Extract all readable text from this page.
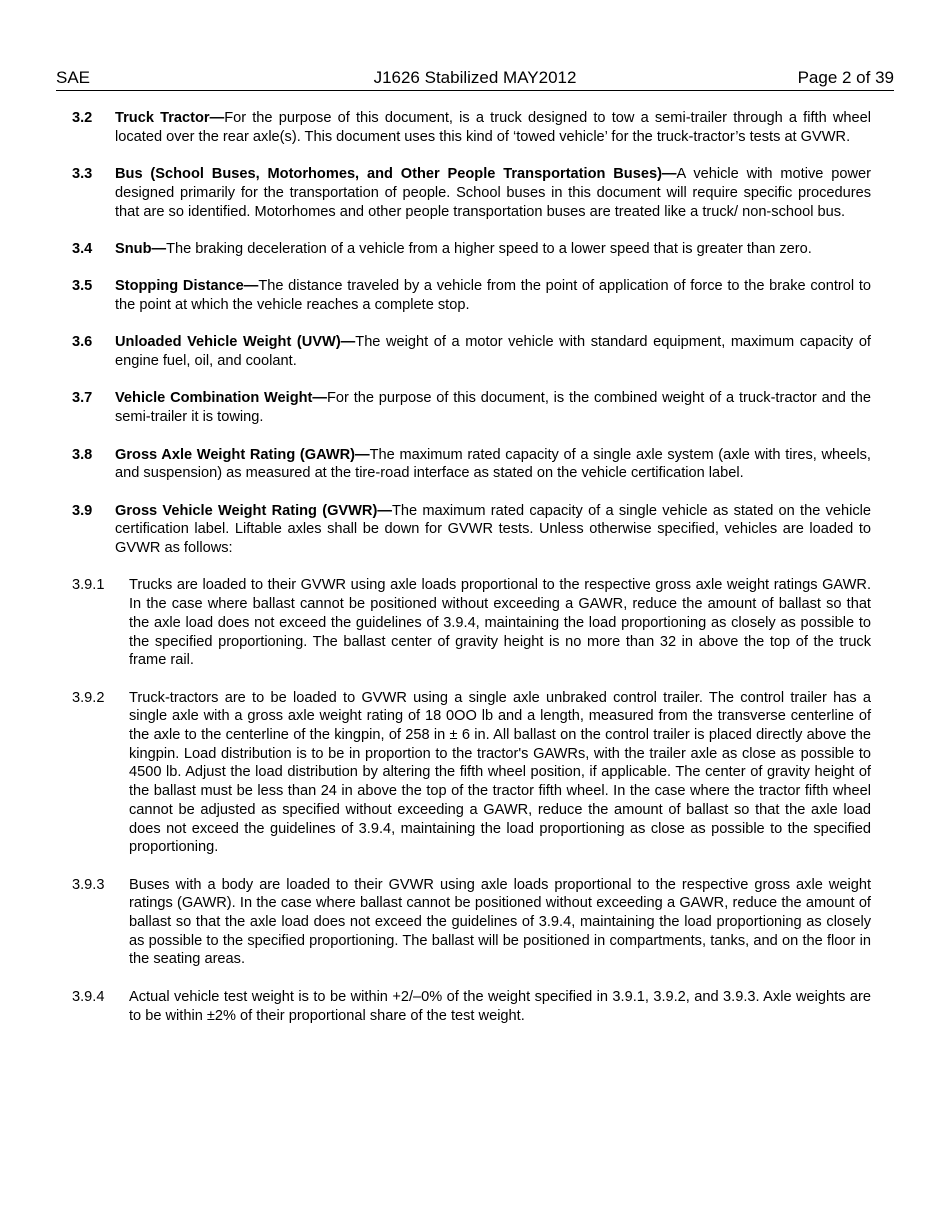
SAE	J1626 Stabilized MAY2012	Page 2 of 39
3.2 Truck Tractor—For the purpose of this document, is a truck designed to tow a semi-trailer through a fifth wheel located over the rear axle(s). This document uses this kind of ‘towed vehicle’ for the truck-tractor’s tests at GVWR.
3.3 Bus (School Buses, Motorhomes, and Other People Transportation Buses)—A vehicle with motive power designed primarily for the transportation of people. School buses in this document will require specific procedures that are so identified. Motorhomes and other people transportation buses are treated like a truck/ non-school bus.
3.4 Snub—The braking deceleration of a vehicle from a higher speed to a lower speed that is greater than zero.
3.5 Stopping Distance—The distance traveled by a vehicle from the point of application of force to the brake control to the point at which the vehicle reaches a complete stop.
3.6 Unloaded Vehicle Weight (UVW)—The weight of a motor vehicle with standard equipment, maximum capacity of engine fuel, oil, and coolant.
3.7 Vehicle Combination Weight—For the purpose of this document, is the combined weight of a truck-tractor and the semi-trailer it is towing.
3.8 Gross Axle Weight Rating (GAWR)—The maximum rated capacity of a single axle system (axle with tires, wheels, and suspension) as measured at the tire-road interface as stated on the vehicle certification label.
3.9 Gross Vehicle Weight Rating (GVWR)—The maximum rated capacity of a single vehicle as stated on the vehicle certification label. Liftable axles shall be down for GVWR tests. Unless otherwise specified, vehicles are loaded to GVWR as follows:
3.9.1 Trucks are loaded to their GVWR using axle loads proportional to the respective gross axle weight ratings GAWR. In the case where ballast cannot be positioned without exceeding a GAWR, reduce the amount of ballast so that the axle load does not exceed the guidelines of 3.9.4, maintaining the load proportioning as closely as possible to the specified proportioning. The ballast center of gravity height is no more than 32 in above the top of the truck frame rail.
3.9.2 Truck-tractors are to be loaded to GVWR using a single axle unbraked control trailer. The control trailer has a single axle with a gross axle weight rating of 18 0OO lb and a length, measured from the transverse centerline of the axle to the centerline of the kingpin, of 258 in ± 6 in. All ballast on the control trailer is placed directly above the kingpin. Load distribution is to be in proportion to the tractor's GAWRs, with the trailer axle as close as possible to 4500 lb. Adjust the load distribution by altering the fifth wheel position, if applicable. The center of gravity height of the ballast must be less than 24 in above the top of the tractor fifth wheel. In the case where the tractor fifth wheel cannot be adjusted as specified without exceeding a GAWR, reduce the amount of ballast so that the axle load does not exceed the guidelines of 3.9.4, maintaining the load proportioning as close as possible to the specified proportioning.
3.9.3 Buses with a body are loaded to their GVWR using axle loads proportional to the respective gross axle weight ratings (GAWR). In the case where ballast cannot be positioned without exceeding a GAWR, reduce the amount of ballast so that the axle load does not exceed the guidelines of 3.9.4, maintaining the load proportioning as closely as possible to the specified proportioning. The ballast will be positioned in compartments, tanks, and on the floor in the seating areas.
3.9.4 Actual vehicle test weight is to be within +2/–0% of the weight specified in 3.9.1, 3.9.2, and 3.9.3. Axle weights are to be within ±2% of their proportional share of the test weight.
